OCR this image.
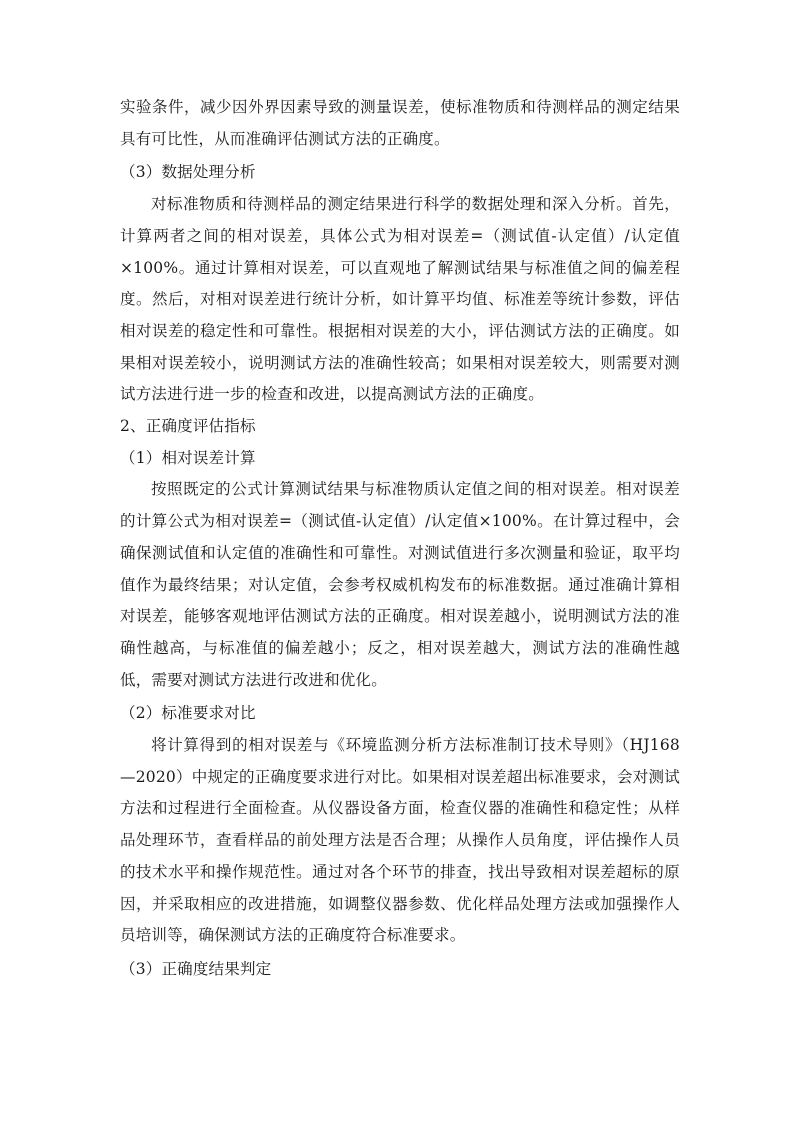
实验条件，减少因外界因素导致的测量误差，使标准物质和待测样品的测定结果具有可比性，从而准确评估测试方法的正确度。

（3）数据处理分析

对标准物质和待测样品的测定结果进行科学的数据处理和深入分析。首先，计算两者之间的相对误差，具体公式为相对误差=（测试值-认定值）/认定值×100%。通过计算相对误差，可以直观地了解测试结果与标准值之间的偏差程度。然后，对相对误差进行统计分析，如计算平均值、标准差等统计参数，评估相对误差的稳定性和可靠性。根据相对误差的大小，评估测试方法的正确度。如果相对误差较小，说明测试方法的准确性较高；如果相对误差较大，则需要对测试方法进行进一步的检查和改进，以提高测试方法的正确度。

2、正确度评估指标
（1）相对误差计算

按照既定的公式计算测试结果与标准物质认定值之间的相对误差。相对误差的计算公式为相对误差=（测试值-认定值）/认定值×100%。在计算过程中，会确保测试值和认定值的准确性和可靠性。对测试值进行多次测量和验证，取平均值作为最终结果；对认定值，会参考权威机构发布的标准数据。通过准确计算相对误差，能够客观地评估测试方法的正确度。相对误差越小，说明测试方法的准确性越高，与标准值的偏差越小；反之，相对误差越大，测试方法的准确性越低，需要对测试方法进行改进和优化。

（2）标准要求对比

将计算得到的相对误差与《环境监测分析方法标准制订技术导则》（HJ168—2020）中规定的正确度要求进行对比。如果相对误差超出标准要求，会对测试方法和过程进行全面检查。从仪器设备方面，检查仪器的准确性和稳定性；从样品处理环节，查看样品的前处理方法是否合理；从操作人员角度，评估操作人员的技术水平和操作规范性。通过对各个环节的排查，找出导致相对误差超标的原因，并采取相应的改进措施，如调整仪器参数、优化样品处理方法或加强操作人员培训等，确保测试方法的正确度符合标准要求。

（3）正确度结果判定
